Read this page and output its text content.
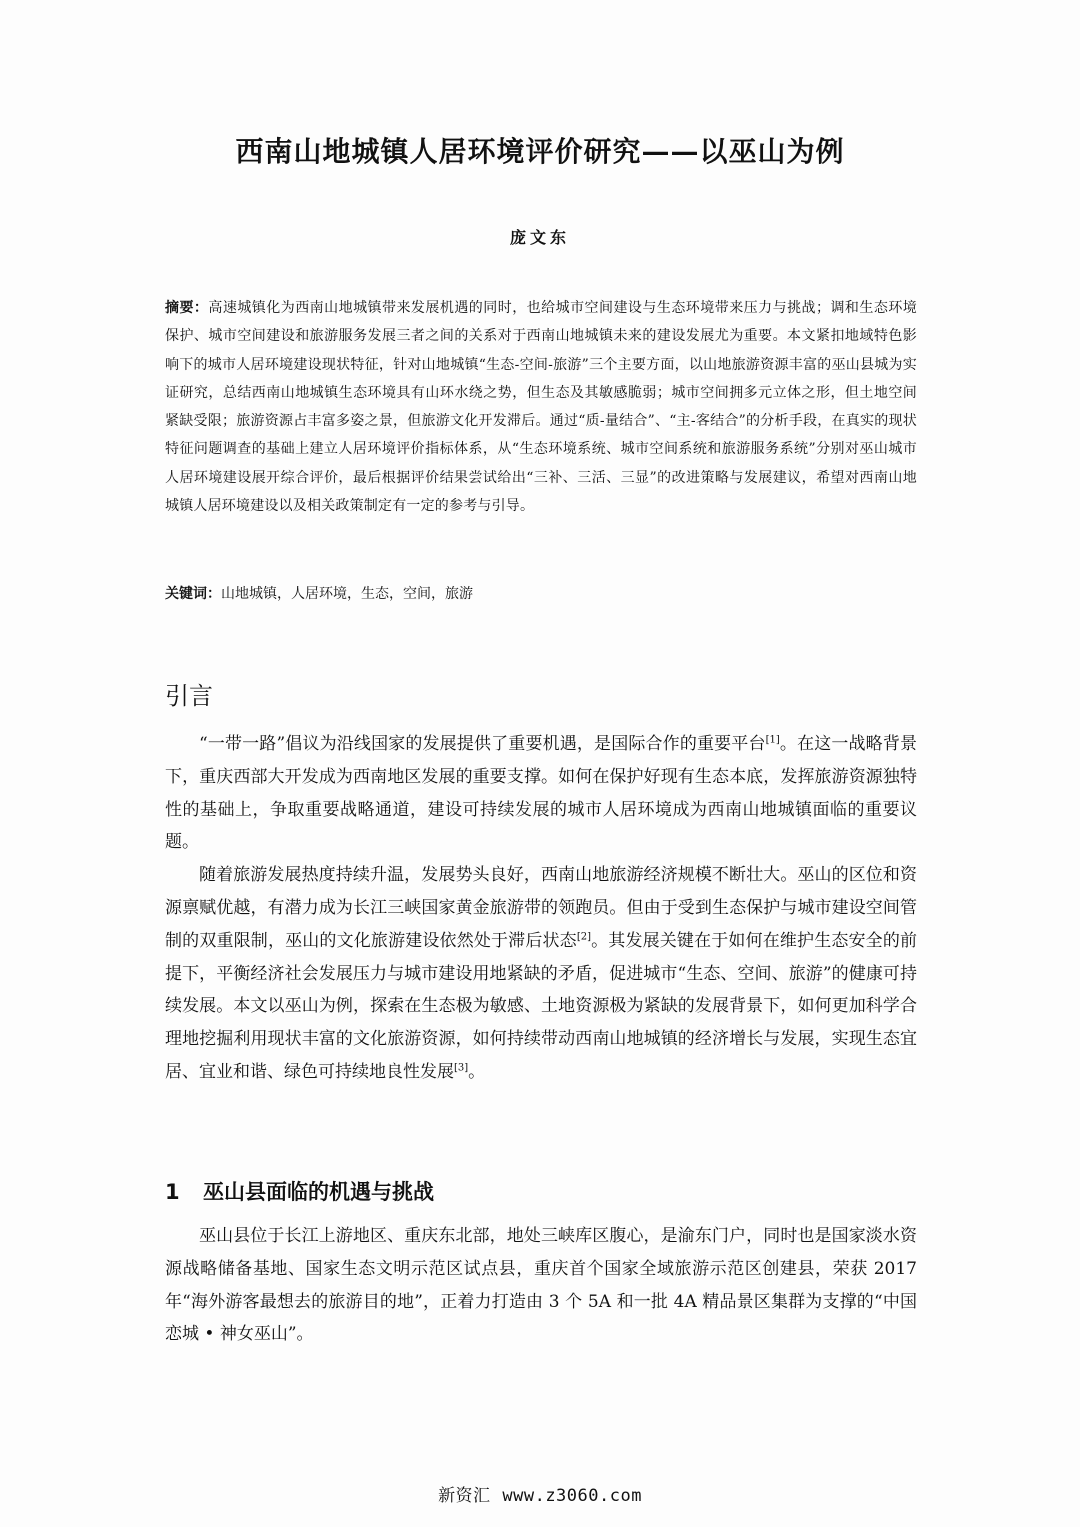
西南山地城镇人居环境评价研究——以巫山为例
庞文东
摘要：高速城镇化为西南山地城镇带来发展机遇的同时，也给城市空间建设与生态环境带来压力与挑战；调和生态环境保护、城市空间建设和旅游服务发展三者之间的关系对于西南山地城镇未来的建设发展尤为重要。本文紧扣地域特色影响下的城市人居环境建设现状特征，针对山地城镇“生态-空间-旅游”三个主要方面，以山地旅游资源丰富的巫山县城为实证研究，总结西南山地城镇生态环境具有山环水绕之势，但生态及其敏感脆弱；城市空间拥多元立体之形，但土地空间紧缺受限；旅游资源占丰富多姿之景，但旅游文化开发滞后。通过“质-量结合”、“主-客结合”的分析手段，在真实的现状特征问题调查的基础上建立人居环境评价指标体系，从“生态环境系统、城市空间系统和旅游服务系统”分别对巫山城市人居环境建设展开综合评价，最后根据评价结果尝试给出“三补、三活、三显”的改进策略与发展建议，希望对西南山地城镇人居环境建设以及相关政策制定有一定的参考与引导。
关键词：山地城镇，人居环境，生态，空间，旅游
引言

“一带一路”倡议为沿线国家的发展提供了重要机遇，是国际合作的重要平台[1]。在这一战略背景下，重庆西部大开发成为西南地区发展的重要支撑。如何在保护好现有生态本底，发挥旅游资源独特性的基础上，争取重要战略通道，建设可持续发展的城市人居环境成为西南山地城镇面临的重要议题。

随着旅游发展热度持续升温，发展势头良好，西南山地旅游经济规模不断壮大。巫山的区位和资源禀赋优越，有潜力成为长江三峡国家黄金旅游带的领跑员。但由于受到生态保护与城市建设空间管制的双重限制，巫山的文化旅游建设依然处于滞后状态[2]。其发展关键在于如何在维护生态安全的前提下，平衡经济社会发展压力与城市建设用地紧缺的矛盾，促进城市“生态、空间、旅游”的健康可持续发展。本文以巫山为例，探索在生态极为敏感、土地资源极为紧缺的发展背景下，如何更加科学合理地挖掘利用现状丰富的文化旅游资源，如何持续带动西南山地城镇的经济增长与发展，实现生态宜居、宜业和谐、绿色可持续地良性发展[3]。

1 巫山县面临的机遇与挑战

巫山县位于长江上游地区、重庆东北部，地处三峡库区腹心，是渝东门户，同时也是国家淡水资源战略储备基地、国家生态文明示范区试点县，重庆首个国家全域旅游示范区创建县，荣获 2017 年“海外游客最想去的旅游目的地”，正着力打造由 3 个 5A 和一批 4A 精品景区集群为支撑的“中国恋城 • 神女巫山”。

新资汇 www.z3060.com
